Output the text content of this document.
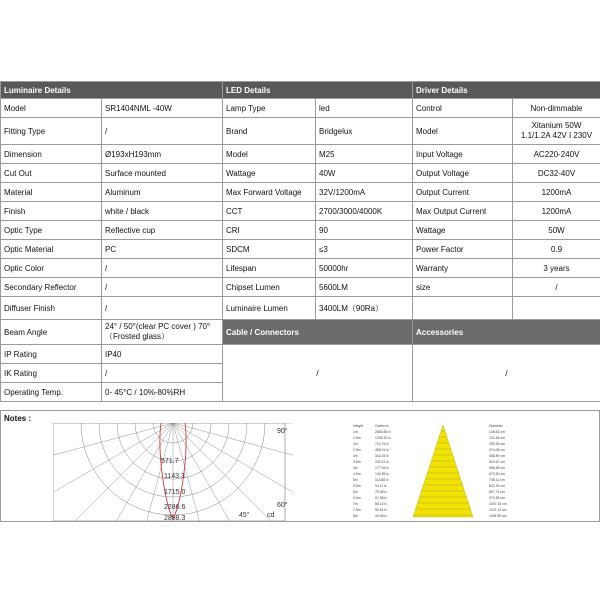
Luminaire Details		LED Details		Driver Details	
Model	SR1404NML -40W	Lamp Type	led	Control	Non-dimmable
Fitting Type	/	Brand	Bridgelux	Model	Xitanium 50W 1.1/1.2A 42V I 230V
Dimension	Ø193xH193mm	Model	M25	Input Voltage	AC220-240V
Cut Out	Surface mounted	Wattage	40W	Output Voltage	DC32-40V
Material	Aluminum	Max Forward Voltage	32V/1200mA	Output Current	1200mA
Finish	white / black	CCT	2700/3000/4000K	Max Output Current	1200mA
Optic Type	Reflective cup	CRI	90	Wattage	50W
Optic Material	PC	SDCM	≤3	Power Factor	0.9
Optic Color	/	Lifespan	50000hr	Warranty	3 years
Secondary Reflector	/	Chipset Lumen	5600LM	size	/
Diffuser Finish	/	Luminaire Lumen	3400LM（90Ra）		
Beam Angle	24° / 50°(clear PC cover ) 70° （Frosted glass）	Cable / Connectors		Accessories	
IP Rating	IP40	/		/	
IK Rating	/				
Operating Temp.	0- 45°C / 10%-80%RH				
Notes :
90°
60°
45° cd
571.7
1143.3
1715.0
2286.6
2858.3
Height	Center lx	Diameter
1m	2840.88 lx	148.63 cm
1.5m	1205.32 lx	224.45 cm
2m	710.76 lx	299.26 cm
2.5m	455.01 lx	374.08 cm
3m	316.33 lx	448.89 cm
3.5m	232.41 lx	523.67 cm
4m	177.94 lx	598.48 cm
4.5m	140.59 lx	673.30 cm
5m	113.88 lx	748.11 cm
5.5m	94.11 lx	822.93 cm
6m	79.08 lx	897.74 cm
6.5m	67.38 lx	972.55 cm
7m	58.10 lx	1047.33 cm
7.5m	50.61 lx	1122.14 cm
8m	44.48 lx	1196.95 cm
